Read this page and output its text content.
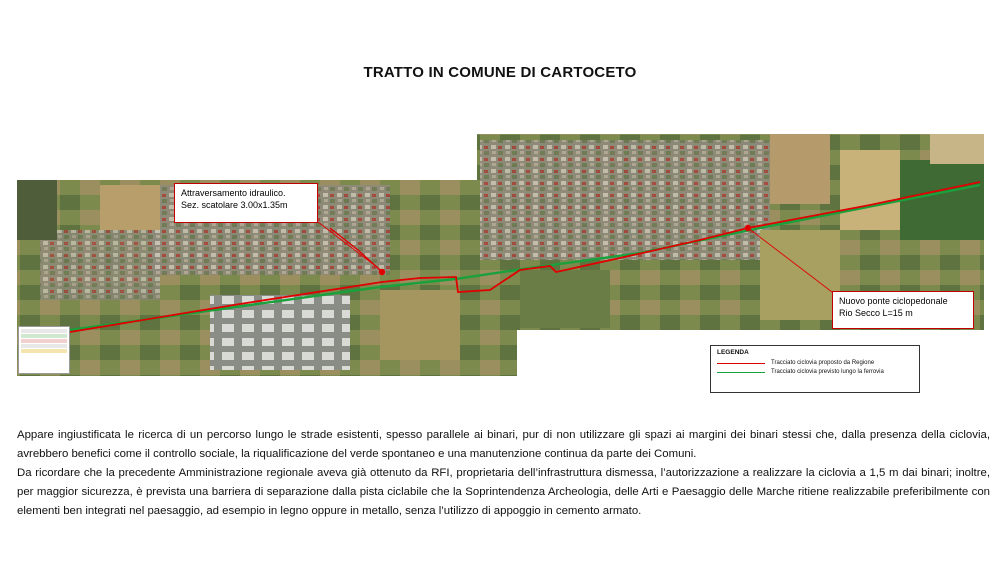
TRATTO IN COMUNE DI CARTOCETO
Attraversamento idraulico.
Sez. scatolare 3.00x1.35m
Nuovo ponte ciclopedonale
Rio Secco L=15 m
LEGENDA
Tracciato ciclovia proposto da Regione
Tracciato ciclovia previsto lungo la ferrovia

Appare ingiustificata le ricerca di un percorso lungo le strade esistenti, spesso parallele ai binari, pur di non utilizzare gli spazi ai margini dei binari stessi che, dalla presenza della ciclovia, avrebbero benefici come il controllo sociale, la riqualificazione del verde spontaneo e una manutenzione continua da parte dei Comuni.

Da ricordare che la precedente Amministrazione regionale aveva già ottenuto da RFI, proprietaria dell’infrastruttura dismessa, l’autorizzazione a realizzare la ciclovia a 1,5 m dai binari; inoltre, per maggior sicurezza, è prevista una barriera di separazione dalla pista ciclabile che la Soprintendenza Archeologia, delle Arti e Paesaggio delle Marche ritiene realizzabile preferibilmente con elementi ben integrati nel paesaggio, ad esempio in legno oppure in metallo, senza l’utilizzo di appoggio in cemento armato.
